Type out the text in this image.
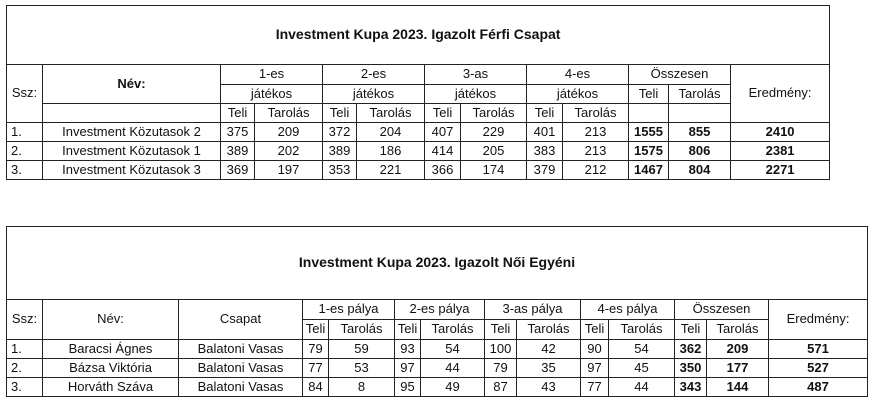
Investment Kupa 2023. Igazolt Férfi Csapat												
Ssz:	Név:	1-es		2-es		3-as		4-es		Összesen		Eredmény:
		játékos		játékos		játékos		játékos		Teli	Tarolás	
		Teli	Tarolás	Teli	Tarolás	Teli	Tarolás	Teli	Tarolás			
1.	Investment Közutasok 2	375	209	372	204	407	229	401	213	1555	855	2410
2.	Investment Közutasok 1	389	202	389	186	414	205	383	213	1575	806	2381
3.	Investment Közutasok 3	369	197	353	221	366	174	379	212	1467	804	2271
Investment Kupa 2023. Igazolt Női Egyéni													
Ssz:	Név:	Csapat	1-es pálya		2-es pálya		3-as pálya		4-es pálya		Összesen		Eredmény:
			Teli	Tarolás	Teli	Tarolás	Teli	Tarolás	Teli	Tarolás	Teli	Tarolás	
1.	Baracsi Ágnes	Balatoni Vasas	79	59	93	54	100	42	90	54	362	209	571
2.	Bázsa Viktória	Balatoni Vasas	77	53	97	44	79	35	97	45	350	177	527
3.	Horváth Száva	Balatoni Vasas	84	8	95	49	87	43	77	44	343	144	487
